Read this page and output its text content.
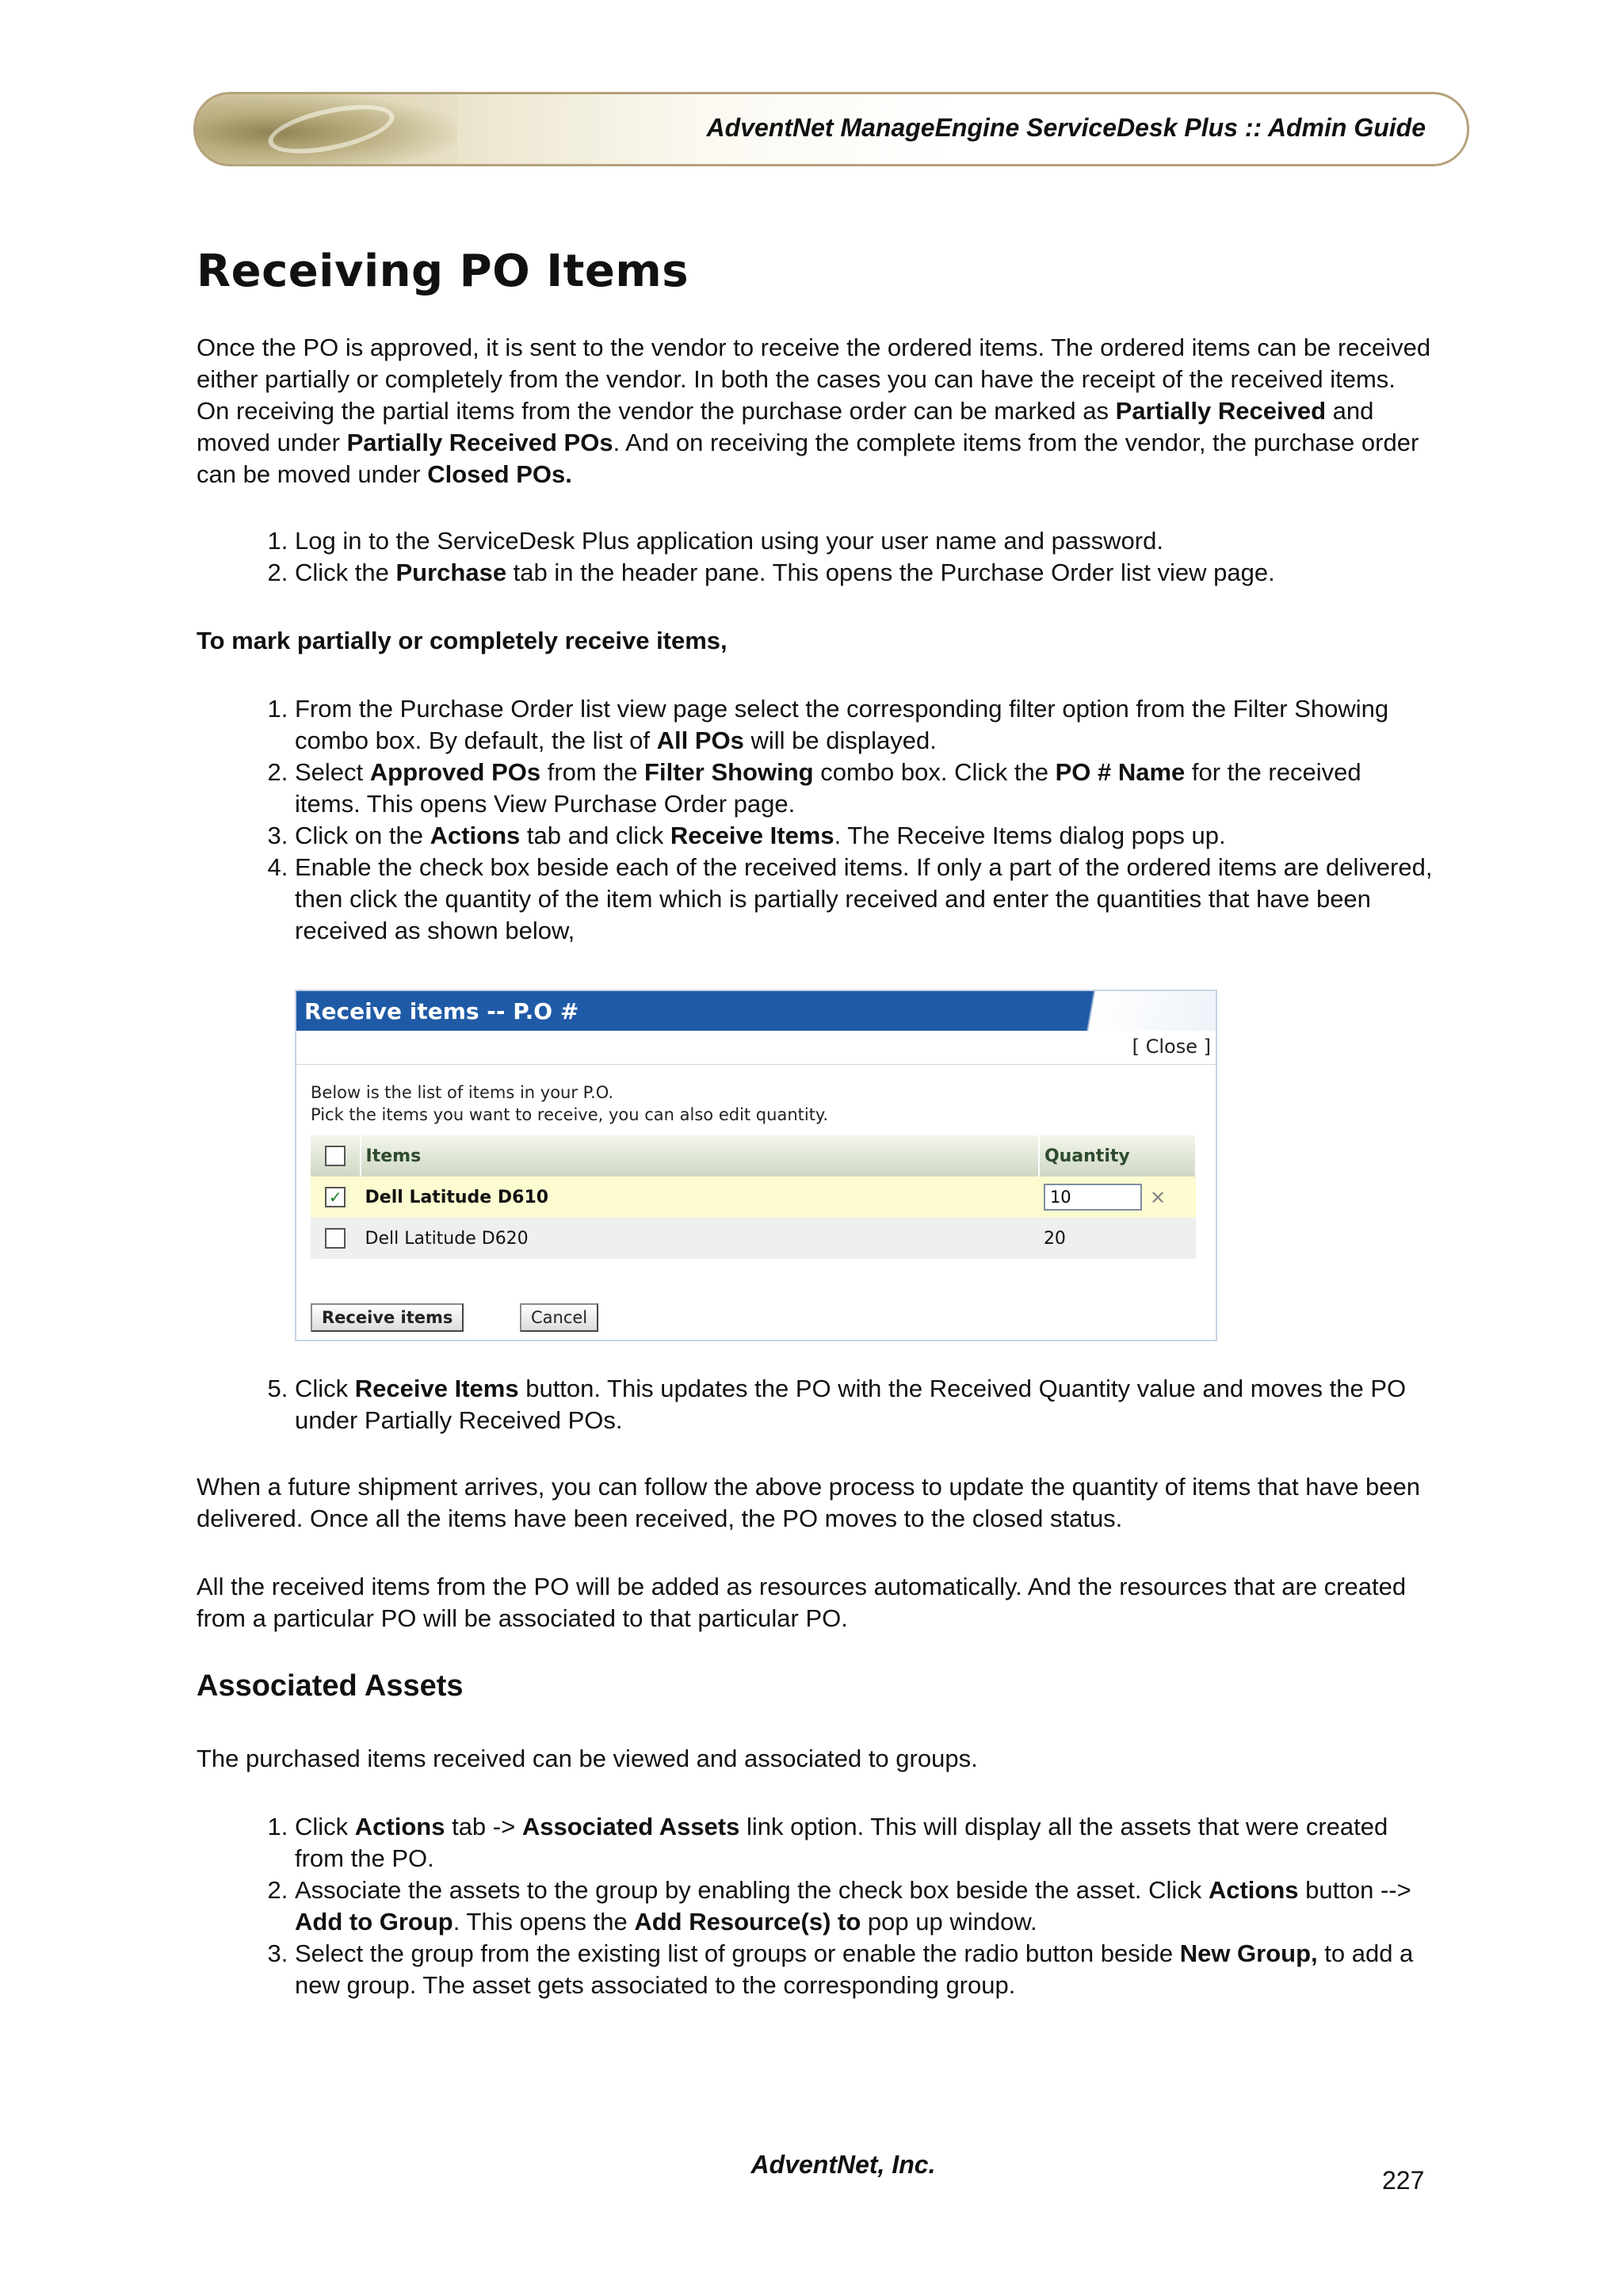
AdventNet ManageEngine ServiceDesk Plus :: Admin Guide
Receiving PO Items

Once the PO is approved, it is sent to the vendor to receive the ordered items. The ordered items can be received either partially or completely from the vendor. In both the cases you can have the receipt of the received items. On receiving the partial items from the vendor the purchase order can be marked as Partially Received and moved under Partially Received POs. And on receiving the complete items from the vendor, the purchase order can be moved under Closed POs.

1. Log in to the ServiceDesk Plus application using your user name and password.
2. Click the Purchase tab in the header pane. This opens the Purchase Order list view page.

To mark partially or completely receive items,

1. From the Purchase Order list view page select the corresponding filter option from the Filter Showing combo box. By default, the list of All POs will be displayed.
2. Select Approved POs from the Filter Showing combo box. Click the PO # Name for the received items. This opens View Purchase Order page.
3. Click on the Actions tab and click Receive Items. The Receive Items dialog pops up.
4. Enable the check box beside each of the received items. If only a part of the ordered items are delivered, then click the quantity of the item which is partially received and enter the quantities that have been received as shown below,
Receive items -- P.O #
[ Close ]
Below is the list of items in your P.O.
Pick the items you want to receive, you can also edit quantity.
	Items	Quantity
✓	Dell Latitude D610	10✕
	Dell Latitude D620	20
Receive items	Cancel
5. Click Receive Items button. This updates the PO with the Received Quantity value and moves the PO under Partially Received POs.

When a future shipment arrives, you can follow the above process to update the quantity of items that have been delivered. Once all the items have been received, the PO moves to the closed status.

All the received items from the PO will be added as resources automatically. And the resources that are created from a particular PO will be associated to that particular PO.

Associated Assets

The purchased items received can be viewed and associated to groups.

1. Click Actions tab -> Associated Assets link option. This will display all the assets that were created from the PO.
2. Associate the assets to the group by enabling the check box beside the asset. Click Actions button --> Add to Group. This opens the Add Resource(s) to pop up window.
3. Select the group from the existing list of groups or enable the radio button beside New Group, to add a new group. The asset gets associated to the corresponding group.
AdventNet, Inc.
227
